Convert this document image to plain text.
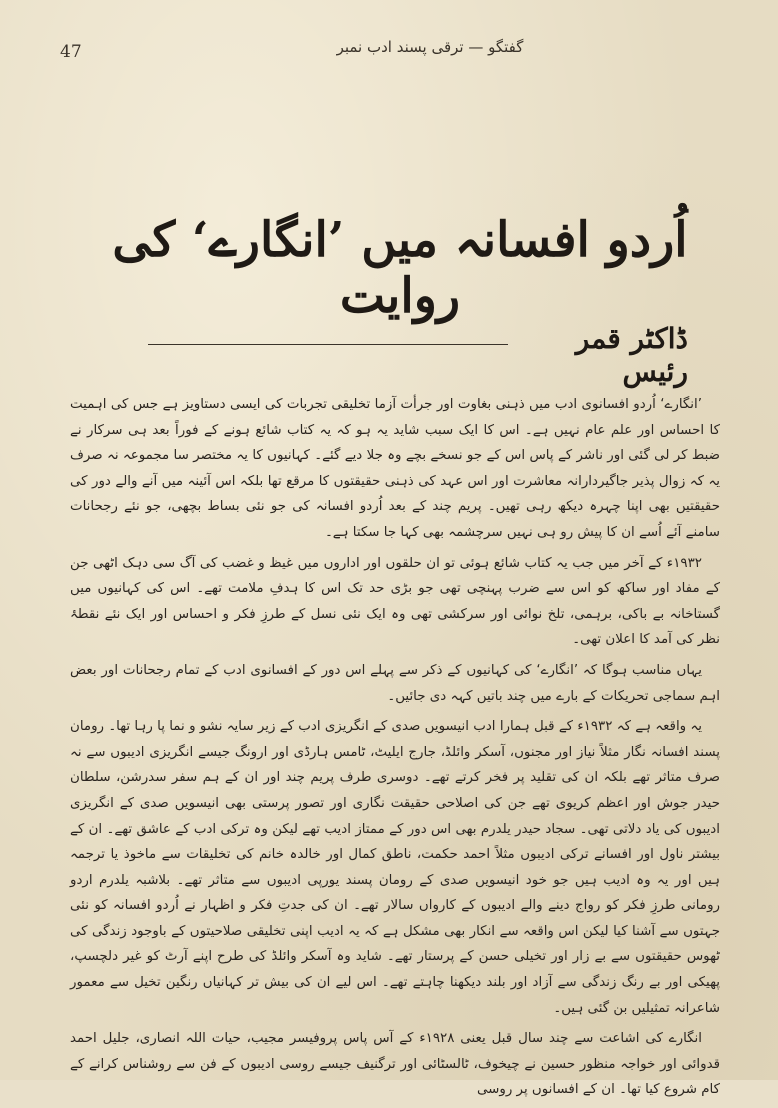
47	گفتگو — ترقی پسند ادب نمبر
اُردو افسانہ میں ’انگارے‘ کی روایت
ڈاکٹر قمر رئیس

’انگارے‘ اُردو افسانوی ادب میں ذہنی بغاوت اور جرأت آزما تخلیقی تجربات کی ایسی دستاویز ہے جس کی اہمیت کا احساس اور علم عام نہیں ہے۔ اس کا ایک سبب شاید یہ ہو کہ یہ کتاب شائع ہونے کے فوراً بعد ہی سرکار نے ضبط کر لی گئی اور ناشر کے پاس اس کے جو نسخے بچے وہ جلا دیے گئے۔ کہانیوں کا یہ مختصر سا مجموعہ نہ صرف یہ کہ زوال پذیر جاگیردارانہ معاشرت اور اس عہد کی ذہنی حقیقتوں کا مرقع تھا بلکہ اس آئینہ میں آنے والے دور کی حقیقتیں بھی اپنا چہرہ دیکھ رہی تھیں۔ پریم چند کے بعد اُردو افسانہ کی جو نئی بساط بچھی، جو نئے رجحانات سامنے آئے اُسے ان کا پیش رو ہی نہیں سرچشمہ بھی کہا جا سکتا ہے۔

۱۹۳۲ء کے آخر میں جب یہ کتاب شائع ہوئی تو ان حلقوں اور اداروں میں غیظ و غضب کی آگ سی دہک اٹھی جن کے مفاد اور ساکھ کو اس سے ضرب پہنچی تھی جو بڑی حد تک اس کا ہدفِ ملامت تھے۔ اس کی کہانیوں میں گستاخانہ بے باکی، برہمی، تلخ نوائی اور سرکشی تھی وہ ایک نئی نسل کے طرزِ فکر و احساس اور ایک نئے نقطۂ نظر کی آمد کا اعلان تھی۔

یہاں مناسب ہوگا کہ ’انگارے‘ کی کہانیوں کے ذکر سے پہلے اس دور کے افسانوی ادب کے تمام رجحانات اور بعض اہم سماجی تحریکات کے بارے میں چند باتیں کہہ دی جائیں۔

یہ واقعہ ہے کہ ۱۹۳۲ء کے قبل ہمارا ادب انیسویں صدی کے انگریزی ادب کے زیر سایہ نشو و نما پا رہا تھا۔ رومان پسند افسانہ نگار مثلاً نیاز اور مجنوں، آسکر وائلڈ، جارج ایلیٹ، ٹامس ہارڈی اور ارونگ جیسے انگریزی ادیبوں سے نہ صرف متاثر تھے بلکہ ان کی تقلید پر فخر کرتے تھے۔ دوسری طرف پریم چند اور ان کے ہم سفر سدرشن، سلطان حیدر جوش اور اعظم کریوی تھے جن کی اصلاحی حقیقت نگاری اور تصور پرستی بھی انیسویں صدی کے انگریزی ادیبوں کی یاد دلاتی تھی۔ سجاد حیدر یلدرم بھی اس دور کے ممتاز ادیب تھے لیکن وہ ترکی ادب کے عاشق تھے۔ ان کے بیشتر ناول اور افسانے ترکی ادیبوں مثلاً احمد حکمت، ناطق کمال اور خالدہ خانم کی تخلیقات سے ماخوذ یا ترجمہ ہیں اور یہ وہ ادیب ہیں جو خود انیسویں صدی کے رومان پسند یورپی ادیبوں سے متاثر تھے۔ بلاشبہ یلدرم اردو رومانی طرزِ فکر کو رواج دینے والے ادیبوں کے کارواں سالار تھے۔ ان کی جدتِ فکر و اظہار نے اُردو افسانہ کو نئی جہتوں سے آشنا کیا لیکن اس واقعہ سے انکار بھی مشکل ہے کہ یہ ادیب اپنی تخلیقی صلاحیتوں کے باوجود زندگی کی ٹھوس حقیقتوں سے بے زار اور تخیلی حسن کے پرستار تھے۔ شاید وہ آسکر وائلڈ کی طرح اپنے آرٹ کو غیر دلچسپ، پھیکی اور بے رنگ زندگی سے آزاد اور بلند دیکھنا چاہتے تھے۔ اس لیے ان کی بیش تر کہانیاں رنگین تخیل سے معمور شاعرانہ تمثیلیں بن گئی ہیں۔

انگارے کی اشاعت سے چند سال قبل یعنی ۱۹۲۸ء کے آس پاس پروفیسر مجیب، حیات اللہ انصاری، جلیل احمد قدوائی اور خواجہ منظور حسین نے چیخوف، ٹالسٹائی اور ترگنیف جیسے روسی ادیبوں کے فن سے روشناس کرانے کے کام شروع کیا تھا۔ ان کے افسانوں پر روسی
